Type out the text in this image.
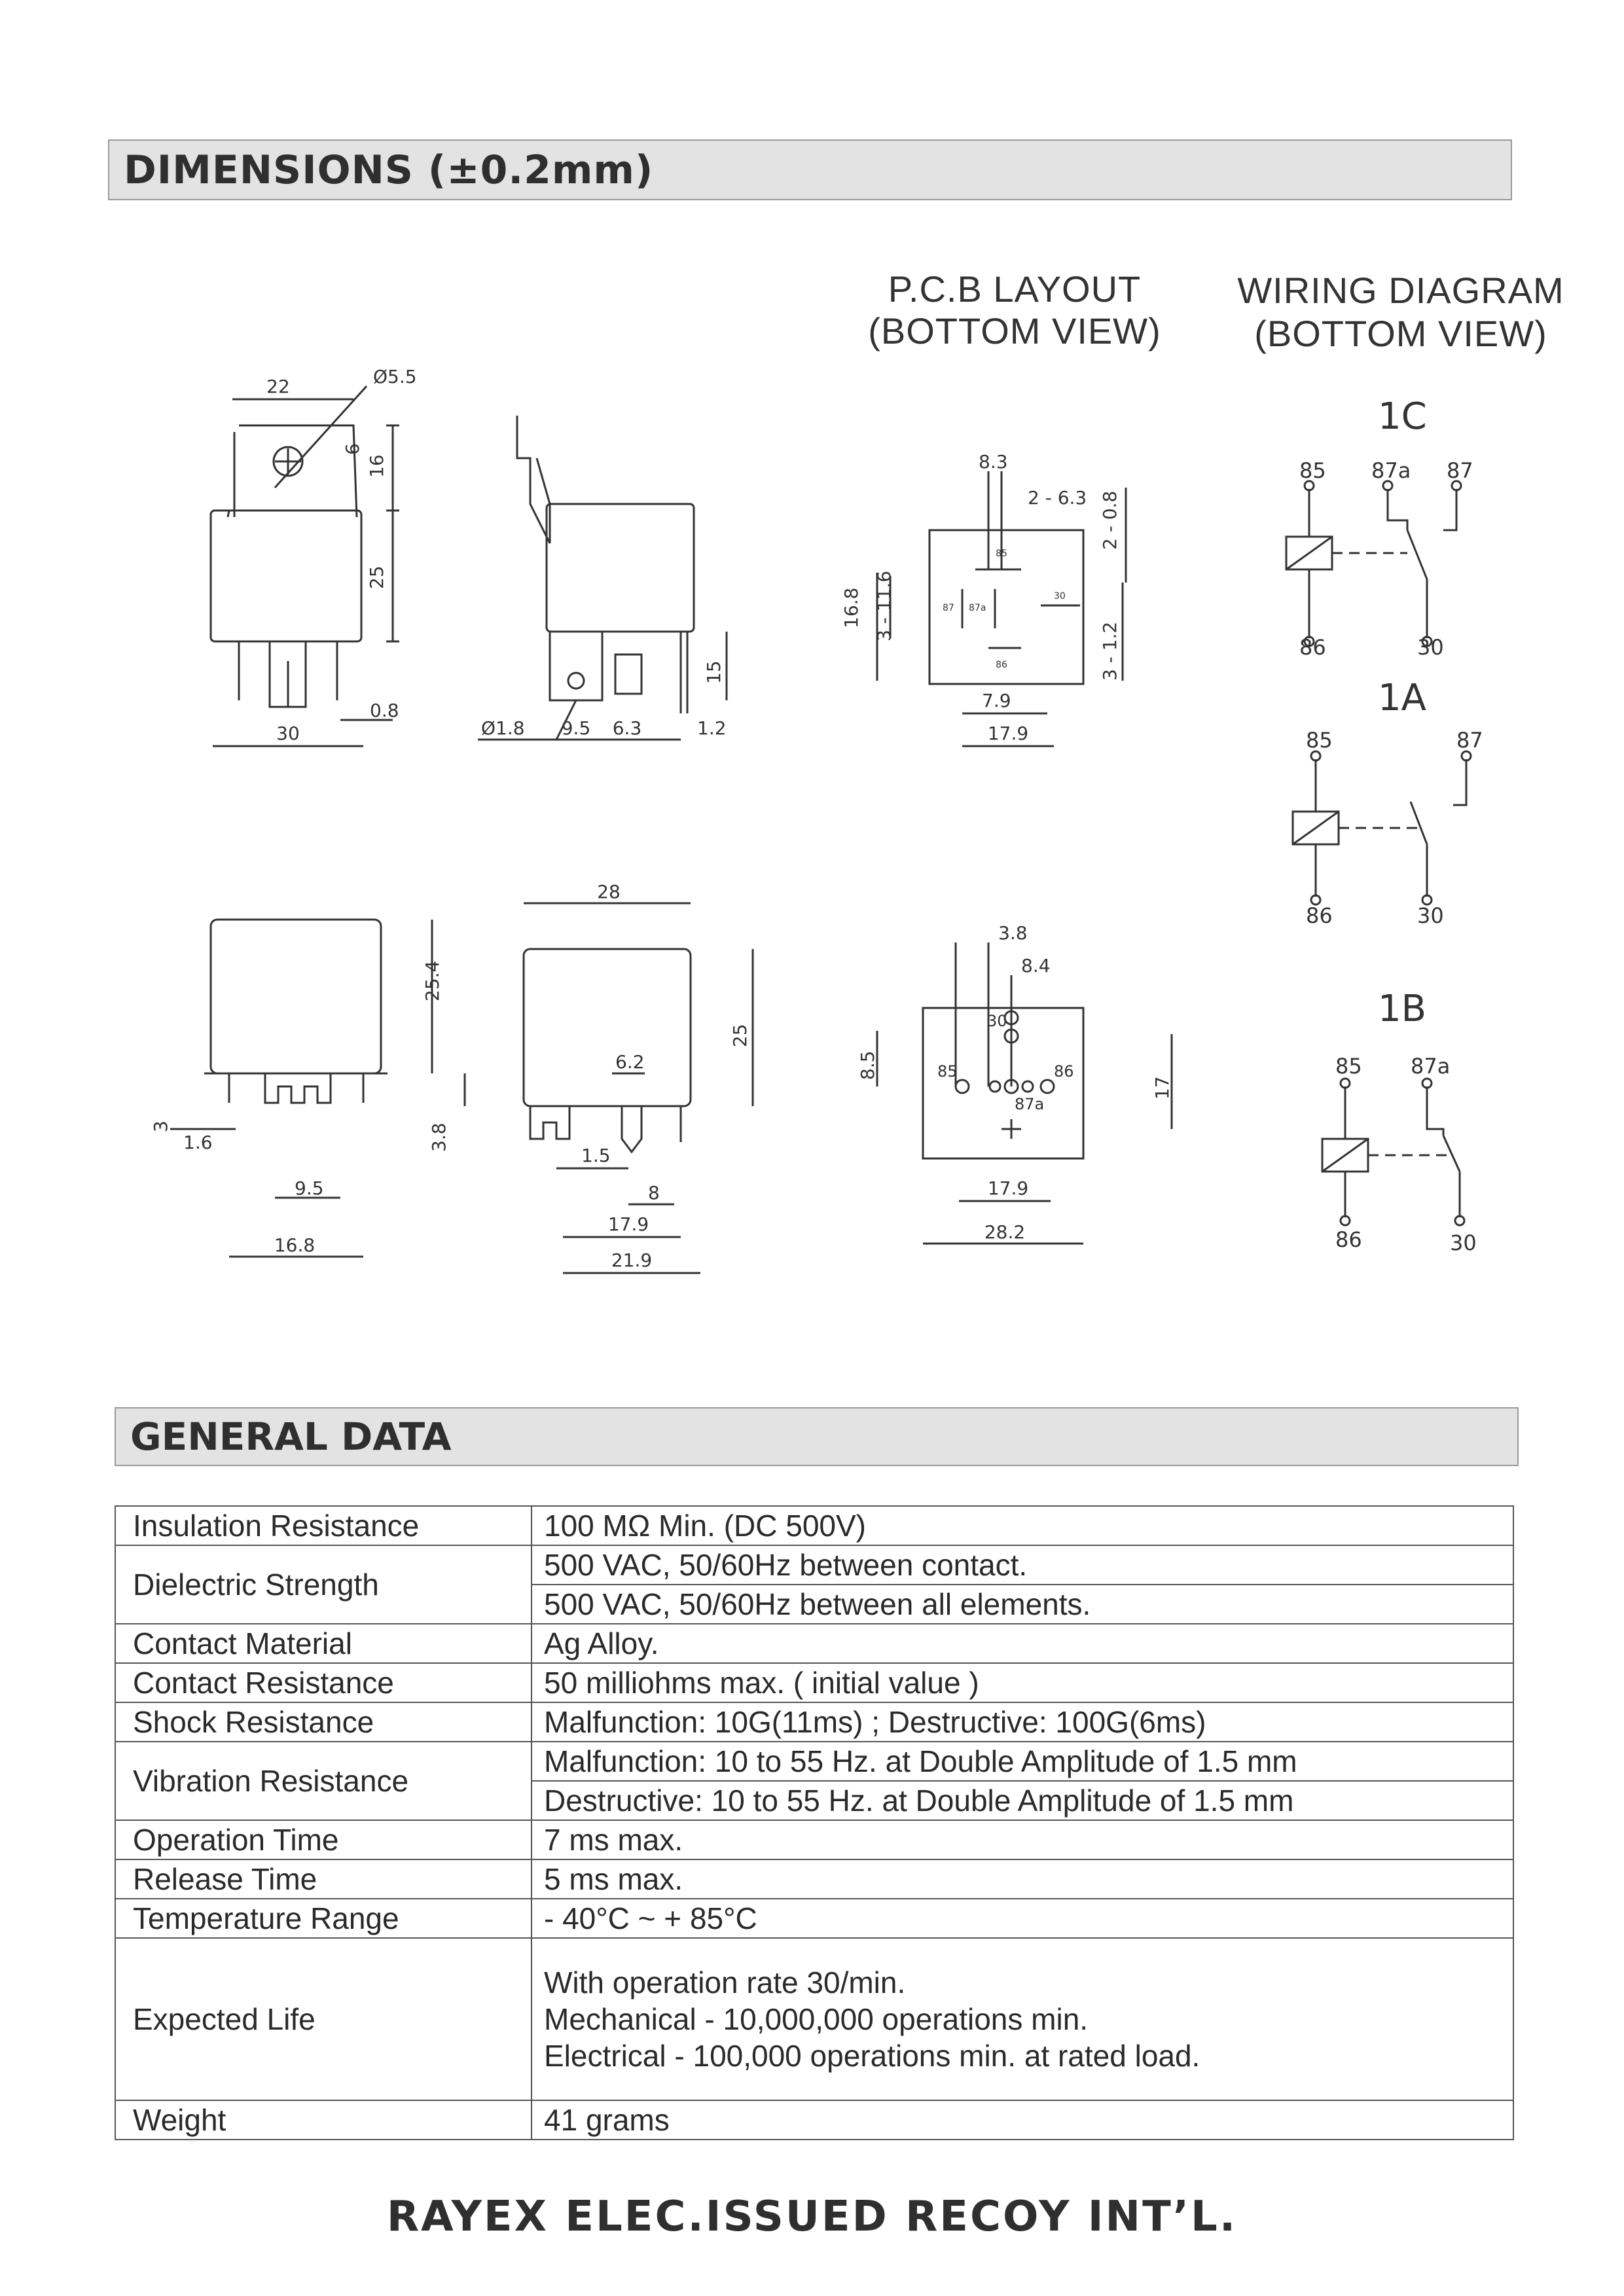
DIMENSIONS (±0.2mm)
P.C.B LAYOUT
(BOTTOM VIEW)
WIRING DIAGRAM
(BOTTOM VIEW)
22	Ø5.5
6
16
25
0.8
30	Ø1.8 9.5 6.3	1.2
15
8.3
2 - 6.3 2 - 0.8
16.8 3 - 11.6
3 - 1.2
7.9
17.9
85
87 87a
30
86
25.4
3
1.6	3.8
9.5
16.8
28
25
6.2
1.5
8
17.9
21.9
3.8
8.4
30
85	86
87a
8.5
17
17.9
28.2
1C
85 87a 87
86	30
1A
85	87
86	30
1B
85 87a
86	30
GENERAL DATA
Insulation Resistance	100 MΩ Min. (DC 500V)
Dielectric Strength	500 VAC, 50/60Hz between contact.
	500 VAC, 50/60Hz between all elements.
Contact Material	Ag Alloy.
Contact Resistance	50 milliohms max. ( initial value )
Shock Resistance	Malfunction: 10G(11ms) ; Destructive: 100G(6ms)
Vibration Resistance	Malfunction: 10 to 55 Hz. at Double Amplitude of 1.5 mm
	Destructive: 10 to 55 Hz. at Double Amplitude of 1.5 mm
Operation Time	7 ms max.
Release Time	5 ms max.
Temperature Range	- 40°C ~ + 85°C
Expected Life	With operation rate 30/min.
Mechanical - 10,000,000 operations min.
Electrical - 100,000 operations min. at rated load.

Weight	41 grams
RAYEX ELEC.ISSUED RECOY INT’L.
